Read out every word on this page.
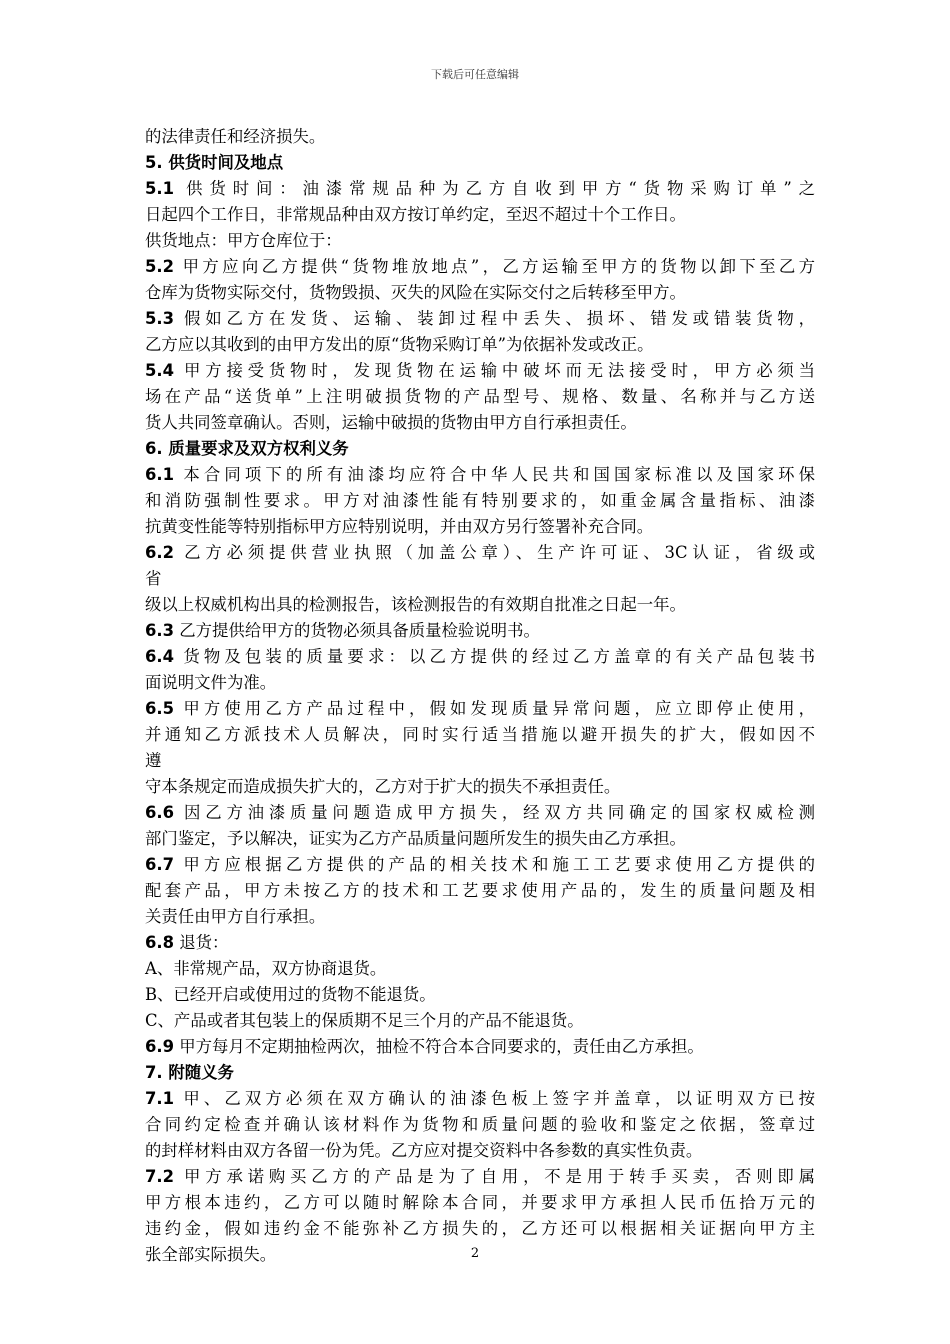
下载后可任意编辑
的法律责任和经济损失。
5. 供货时间及地点
5.1 供货时间：油漆常规品种为乙方自收到甲方“货物采购订单”之
日起四个工作日，非常规品种由双方按订单约定，至迟不超过十个工作日。
供货地点：甲方仓库位于：
5.2 甲方应向乙方提供“货物堆放地点”，乙方运输至甲方的货物以卸下至乙方
仓库为货物实际交付，货物毁损、灭失的风险在实际交付之后转移至甲方。
5.3 假如乙方在发货、运输、装卸过程中丢失、损坏、错发或错装货物，
乙方应以其收到的由甲方发出的原“货物采购订单”为依据补发或改正。
5.4 甲方接受货物时，发现货物在运输中破坏而无法接受时，甲方必须当
场在产品“送货单”上注明破损货物的产品型号、规格、数量、名称并与乙方送
货人共同签章确认。否则，运输中破损的货物由甲方自行承担责任。
6. 质量要求及双方权利义务
6.1 本合同项下的所有油漆均应符合中华人民共和国国家标准以及国家环保
和消防强制性要求。甲方对油漆性能有特别要求的，如重金属含量指标、油漆
抗黄变性能等特别指标甲方应特别说明，并由双方另行签署补充合同。
6.2 乙方必须提供营业执照（加盖公章）、生产许可证、3C认证，省级或
省
级以上权威机构出具的检测报告，该检测报告的有效期自批准之日起一年。
6.3 乙方提供给甲方的货物必须具备质量检验说明书。
6.4 货物及包装的质量要求：以乙方提供的经过乙方盖章的有关产品包装书
面说明文件为准。
6.5 甲方使用乙方产品过程中，假如发现质量异常问题，应立即停止使用，
并通知乙方派技术人员解决，同时实行适当措施以避开损失的扩大，假如因不
遵
守本条规定而造成损失扩大的，乙方对于扩大的损失不承担责任。
6.6 因乙方油漆质量问题造成甲方损失，经双方共同确定的国家权威检测
部门鉴定，予以解决，证实为乙方产品质量问题所发生的损失由乙方承担。
6.7 甲方应根据乙方提供的产品的相关技术和施工工艺要求使用乙方提供的
配套产品，甲方未按乙方的技术和工艺要求使用产品的，发生的质量问题及相
关责任由甲方自行承担。
6.8 退货：
A、非常规产品，双方协商退货。
B、已经开启或使用过的货物不能退货。
C、产品或者其包装上的保质期不足三个月的产品不能退货。
6.9 甲方每月不定期抽检两次，抽检不符合本合同要求的，责任由乙方承担。
7. 附随义务
7.1 甲、乙双方必须在双方确认的油漆色板上签字并盖章，以证明双方已按
合同约定检查并确认该材料作为货物和质量问题的验收和鉴定之依据，签章过
的封样材料由双方各留一份为凭。乙方应对提交资料中各参数的真实性负责。
7.2 甲方承诺购买乙方的产品是为了自用，不是用于转手买卖，否则即属
甲方根本违约，乙方可以随时解除本合同，并要求甲方承担人民币伍拾万元的
违约金，假如违约金不能弥补乙方损失的，乙方还可以根据相关证据向甲方主
张全部实际损失。	2
